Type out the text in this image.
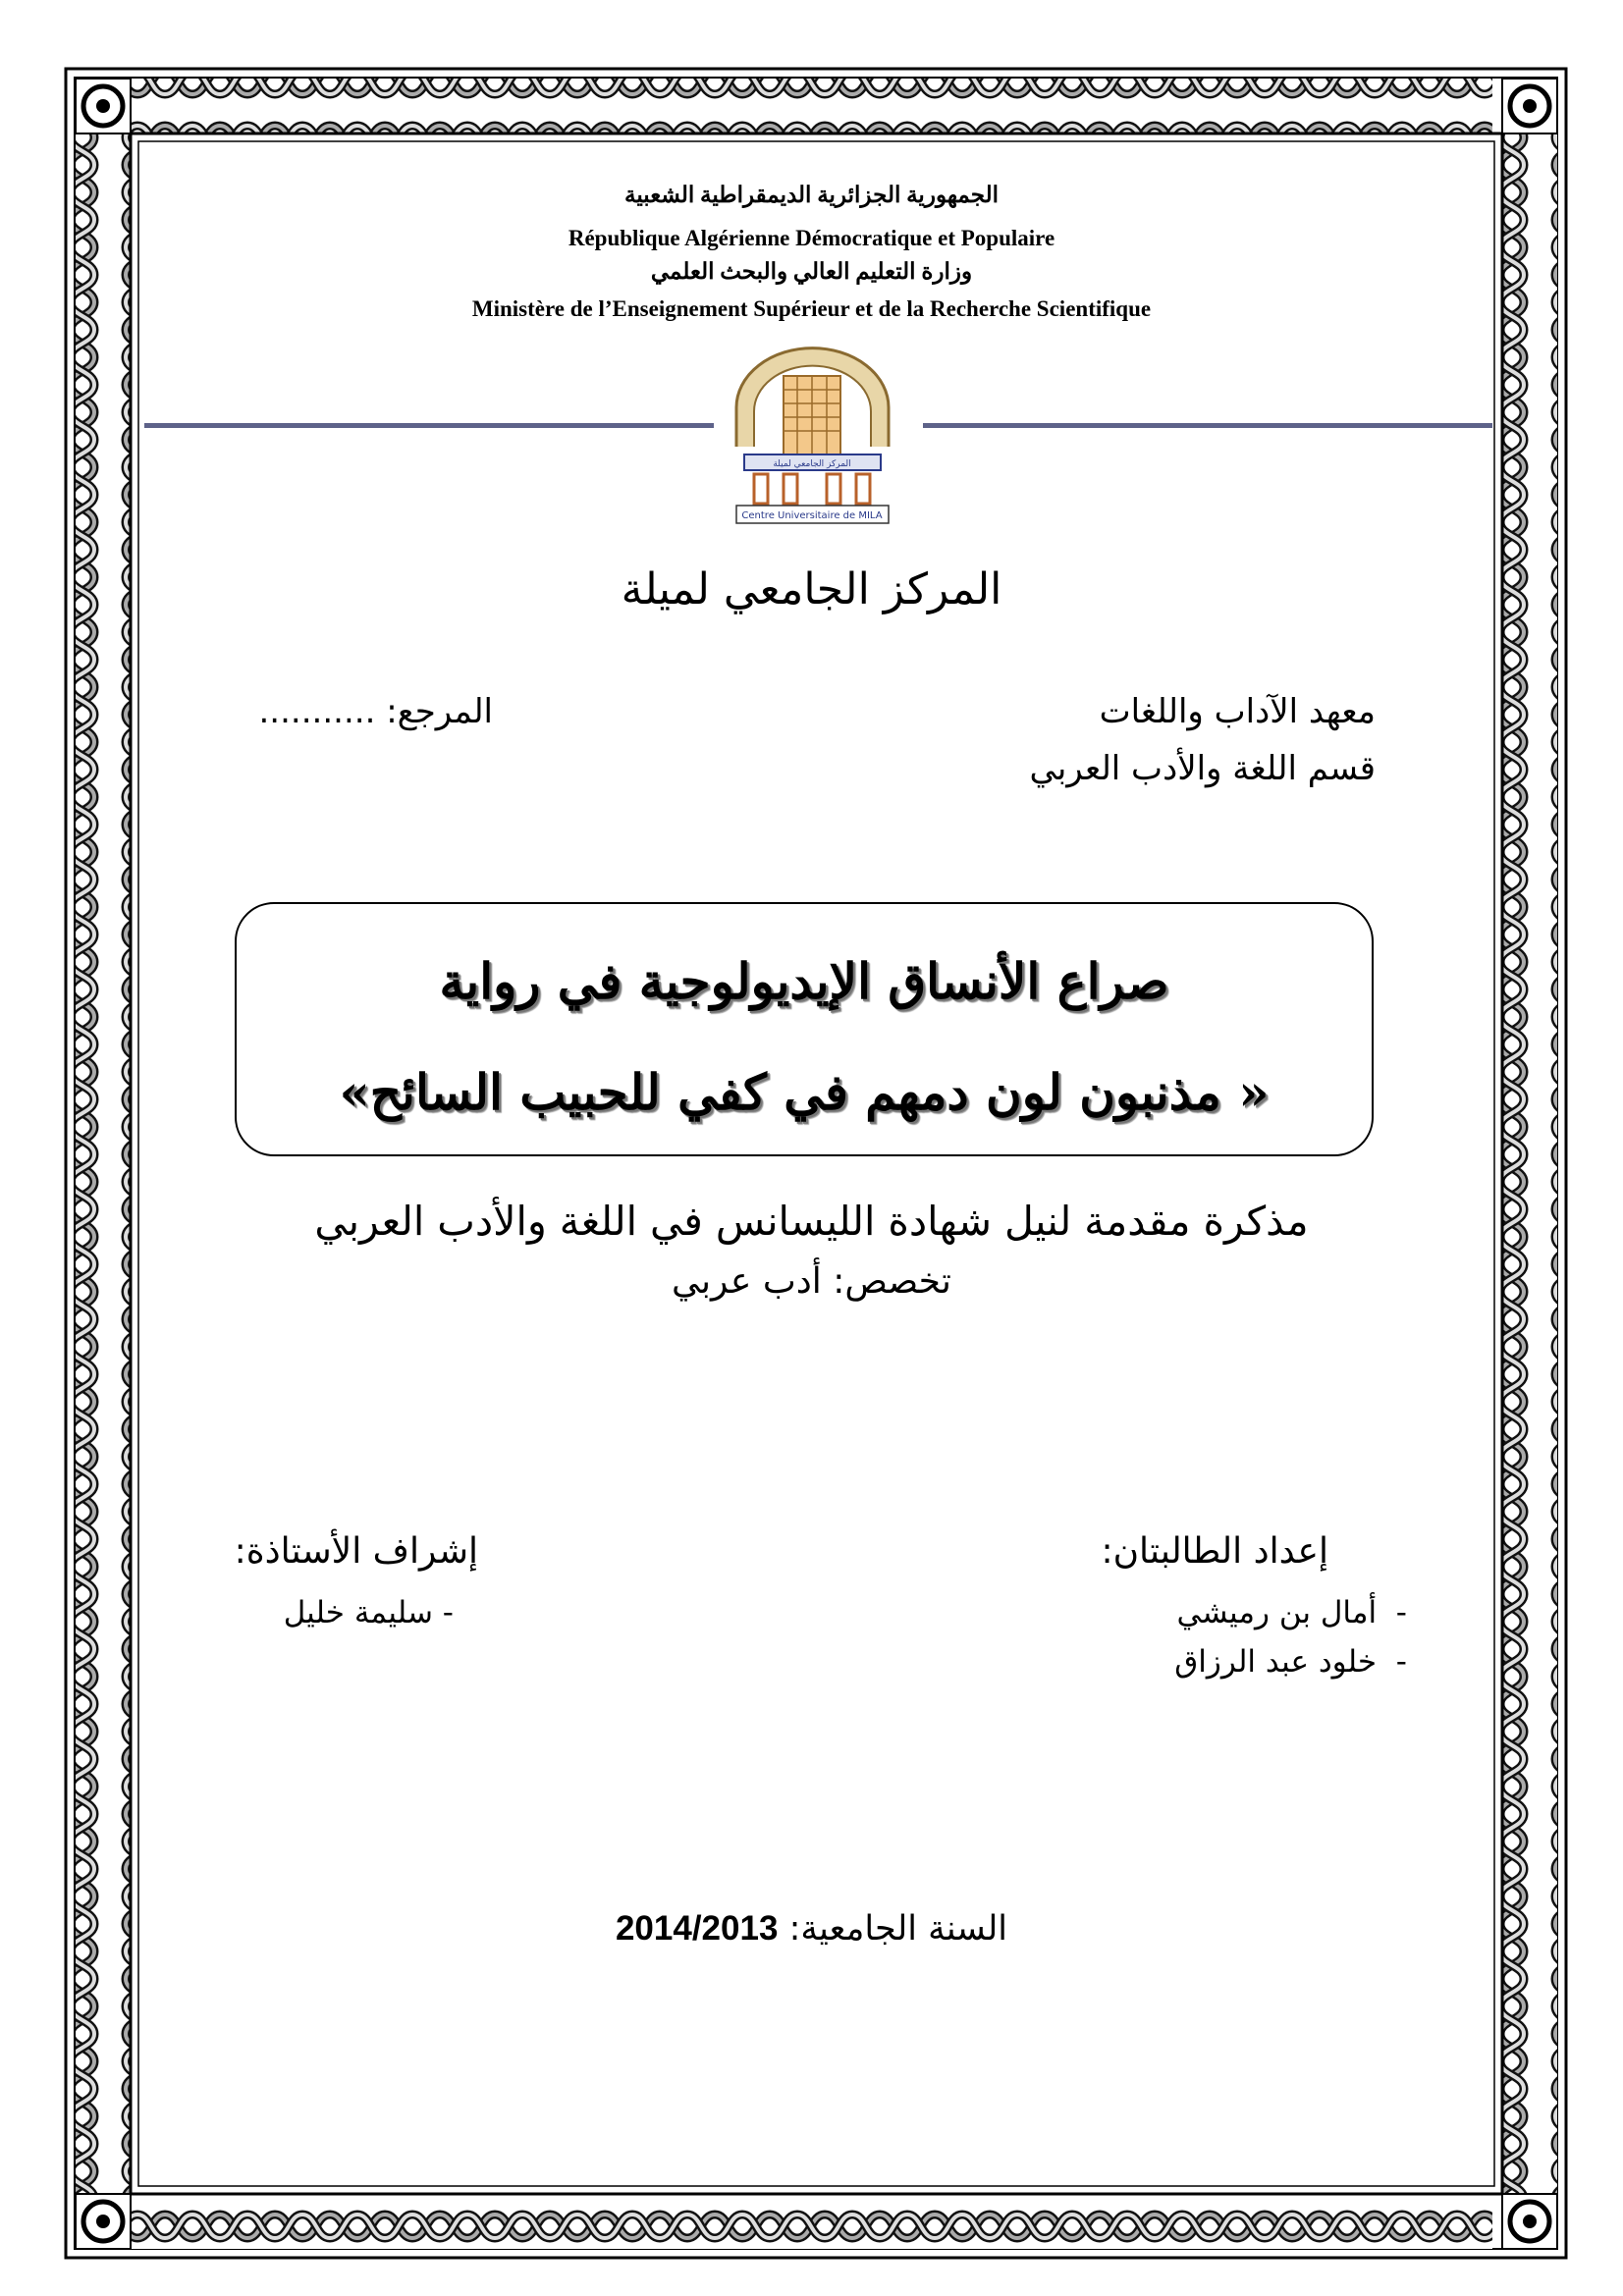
الجمهورية الجزائرية الديمقراطية الشعبية
République Algérienne Démocratique et Populaire
وزارة التعليم العالي والبحث العلمي
Ministère de l’Enseignement Supérieur et de la Recherche Scientifique
المركز الجامعي لميلة
Centre Universitaire de MILA
المركز الجامعي لميلة
معهد الآداب واللغات
قسم اللغة والأدب العربي
المرجع: ...........
صراع الأنساق الإيديولوجية في رواية
« مذنبون لون دمهم في كفي للحبيب السائح»
مذكرة مقدمة لنيل شهادة الليسانس في اللغة والأدب العربي
تخصص: أدب عربي
إعداد الطالبتان:
-  أمال بن رميشي
-  خلود عبد الرزاق
إشراف الأستاذة:
- سليمة خليل
السنة الجامعية: 2014/2013
